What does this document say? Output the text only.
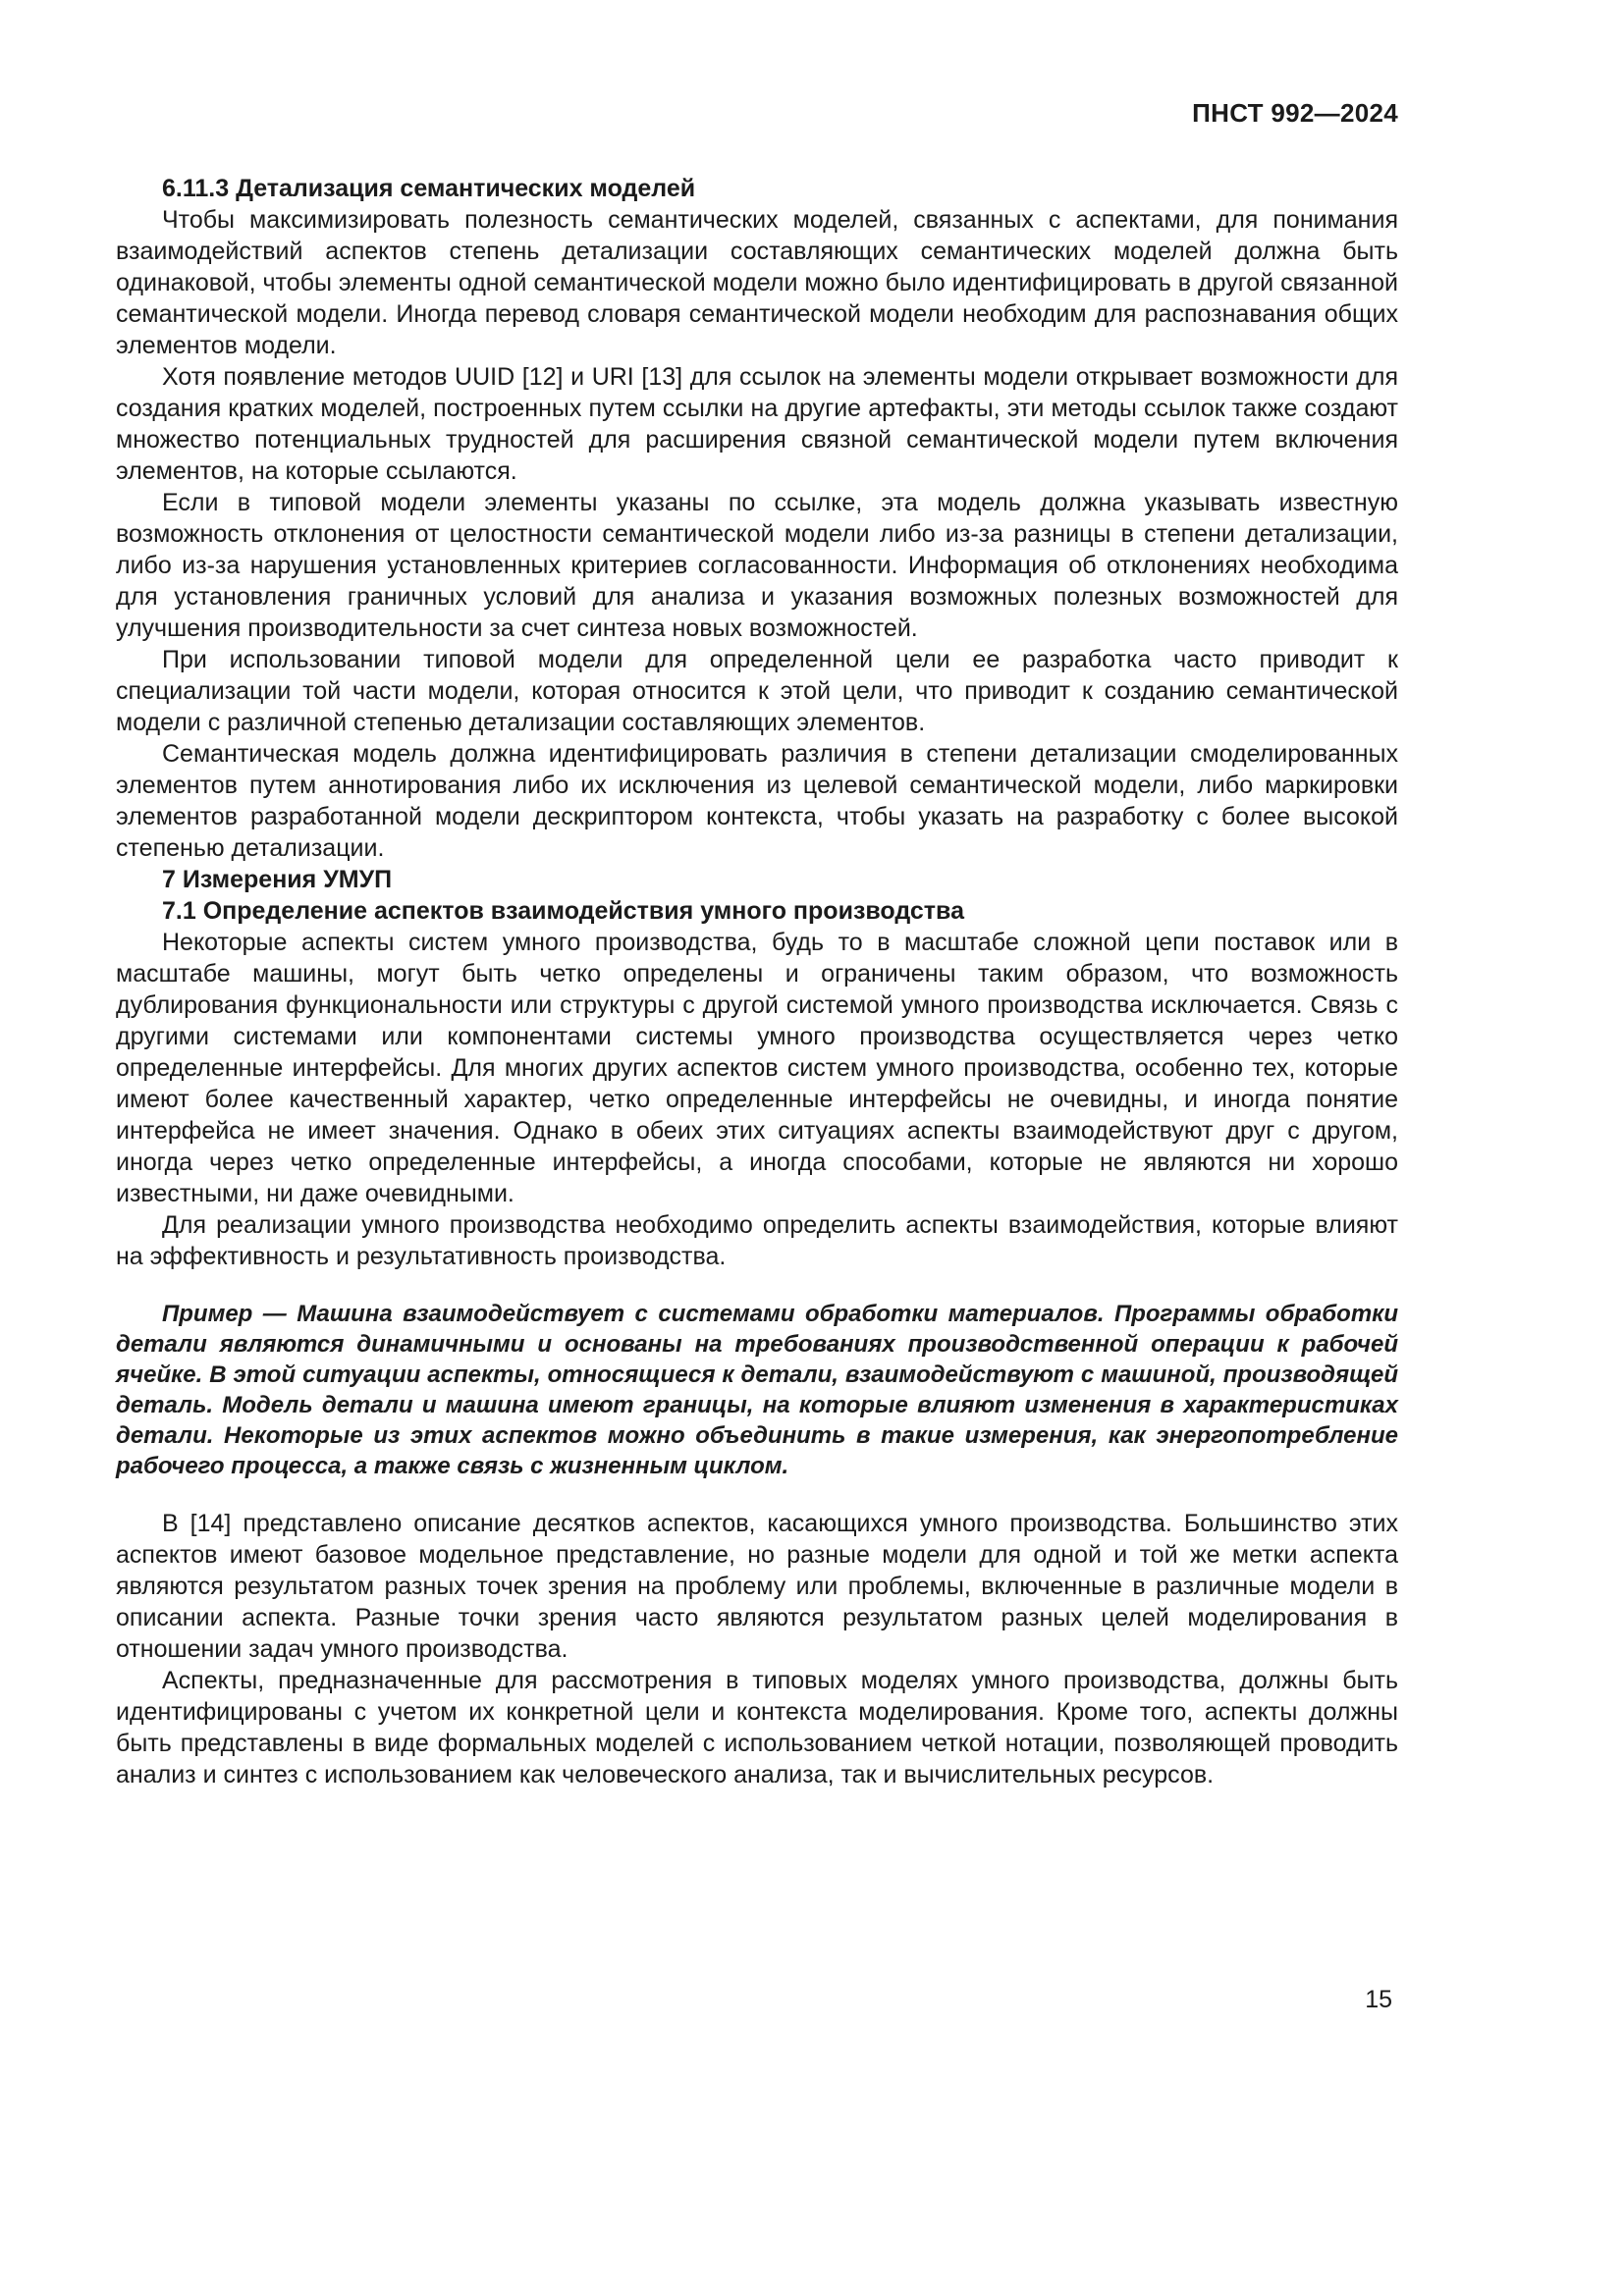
ПНСТ 992—2024

6.11.3 Детализация семантических моделей

Чтобы максимизировать полезность семантических моделей, связанных с аспектами, для понимания взаимодействий аспектов степень детализации составляющих семантических моделей должна быть одинаковой, чтобы элементы одной семантической модели можно было идентифицировать в другой связанной семантической модели. Иногда перевод словаря семантической модели необходим для распознавания общих элементов модели.

Хотя появление методов UUID [12] и URI [13] для ссылок на элементы модели открывает возможности для создания кратких моделей, построенных путем ссылки на другие артефакты, эти методы ссылок также создают множество потенциальных трудностей для расширения связной семантической модели путем включения элементов, на которые ссылаются.

Если в типовой модели элементы указаны по ссылке, эта модель должна указывать известную возможность отклонения от целостности семантической модели либо из-за разницы в степени детализации, либо из-за нарушения установленных критериев согласованности. Информация об отклонениях необходима для установления граничных условий для анализа и указания возможных полезных возможностей для улучшения производительности за счет синтеза новых возможностей.

При использовании типовой модели для определенной цели ее разработка часто приводит к специализации той части модели, которая относится к этой цели, что приводит к созданию семантической модели с различной степенью детализации составляющих элементов.

Семантическая модель должна идентифицировать различия в степени детализации смоделированных элементов путем аннотирования либо их исключения из целевой семантической модели, либо маркировки элементов разработанной модели дескриптором контекста, чтобы указать на разработку с более высокой степенью детализации.

7 Измерения УМУП

7.1 Определение аспектов взаимодействия умного производства

Некоторые аспекты систем умного производства, будь то в масштабе сложной цепи поставок или в масштабе машины, могут быть четко определены и ограничены таким образом, что возможность дублирования функциональности или структуры с другой системой умного производства исключается. Связь с другими системами или компонентами системы умного производства осуществляется через четко определенные интерфейсы. Для многих других аспектов систем умного производства, особенно тех, которые имеют более качественный характер, четко определенные интерфейсы не очевидны, и иногда понятие интерфейса не имеет значения. Однако в обеих этих ситуациях аспекты взаимодействуют друг с другом, иногда через четко определенные интерфейсы, а иногда способами, которые не являются ни хорошо известными, ни даже очевидными.

Для реализации умного производства необходимо определить аспекты взаимодействия, которые влияют на эффективность и результативность производства.

Пример — Машина взаимодействует с системами обработки материалов. Программы обработки детали являются динамичными и основаны на требованиях производственной операции к рабочей ячейке. В этой ситуации аспекты, относящиеся к детали, взаимодействуют с машиной, производящей деталь. Модель детали и машина имеют границы, на которые влияют изменения в характеристиках детали. Некоторые из этих аспектов можно объединить в такие измерения, как энергопотребление рабочего процесса, а также связь с жизненным циклом.

В [14] представлено описание десятков аспектов, касающихся умного производства. Большинство этих аспектов имеют базовое модельное представление, но разные модели для одной и той же метки аспекта являются результатом разных точек зрения на проблему или проблемы, включенные в различные модели в описании аспекта. Разные точки зрения часто являются результатом разных целей моделирования в отношении задач умного производства.

Аспекты, предназначенные для рассмотрения в типовых моделях умного производства, должны быть идентифицированы с учетом их конкретной цели и контекста моделирования. Кроме того, аспекты должны быть представлены в виде формальных моделей с использованием четкой нотации, позволяющей проводить анализ и синтез с использованием как человеческого анализа, так и вычислительных ресурсов.

15
